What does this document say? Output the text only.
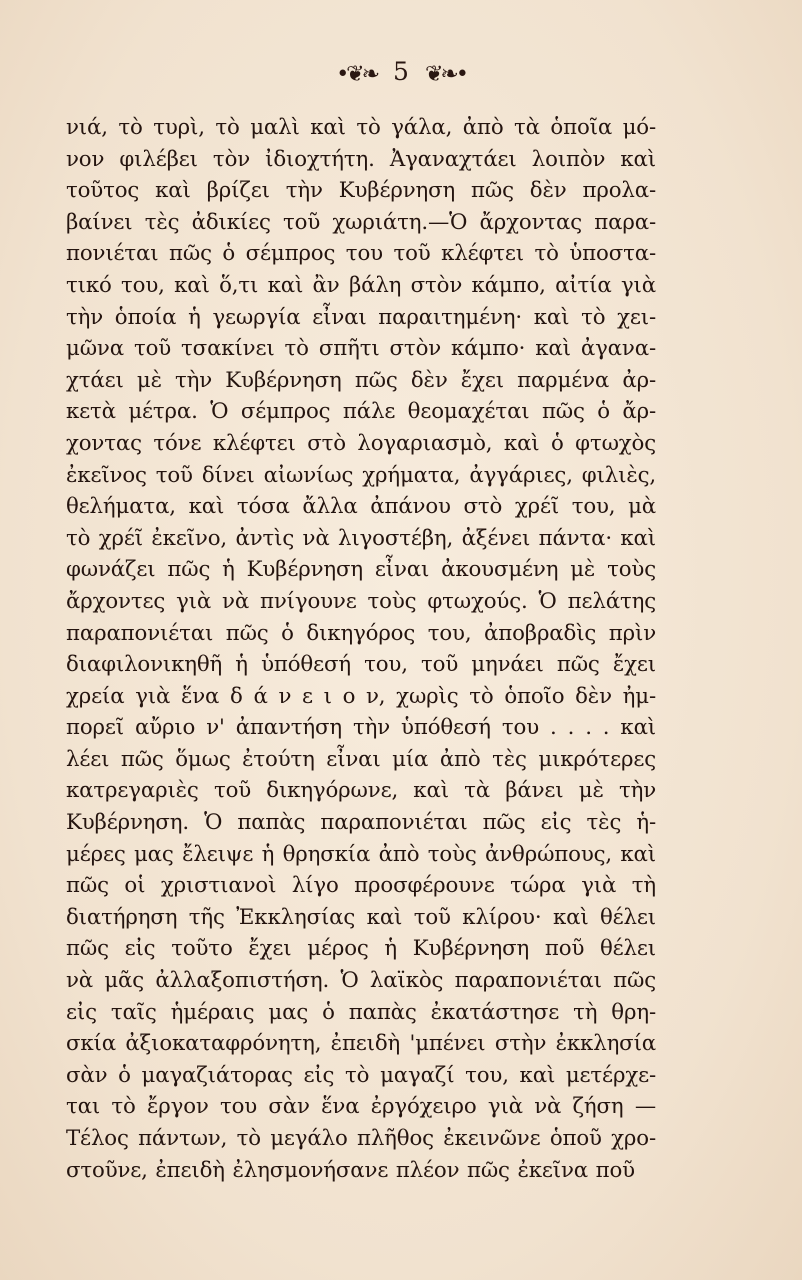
•❦❧ 5 ❦❧•
νιά, τὸ τυρὶ, τὸ μαλὶ καὶ τὸ γάλα, ἀπὸ τὰ ὁποῖα μό-
νον φιλέβει τὸν ἰδιοχτήτη. Ἀγαναχτάει λοιπὸν καὶ
τοῦτος καὶ βρίζει τὴν Κυβέρνηση πῶς δὲν προλα-
βαίνει τὲς ἀδικίες τοῦ χωριάτη.—Ὁ ἄρχοντας παρα-
πονιέται πῶς ὁ σέμπρος του τοῦ κλέφτει τὸ ὑποστα-
τικό του, καὶ ὅ,τι καὶ ἂν βάλη στὸν κάμπο, αἰτία γιὰ
τὴν ὁποία ἡ γεωργία εἶναι παραιτημένη· καὶ τὸ χει-
μῶνα τοῦ τσακίνει τὸ σπῆτι στὸν κάμπο· καὶ ἀγανα-
χτάει μὲ τὴν Κυβέρνηση πῶς δὲν ἔχει παρμένα ἀρ-
κετὰ μέτρα. Ὁ σέμπρος πάλε θεομαχέται πῶς ὁ ἄρ-
χοντας τόνε κλέφτει στὸ λογαριασμὸ, καὶ ὁ φτωχὸς
ἐκεῖνος τοῦ δίνει αἰωνίως χρήματα, ἀγγάριες, φιλιὲς,
θελήματα, καὶ τόσα ἄλλα ἀπάνου στὸ χρέῖ του, μὰ
τὸ χρέῖ ἐκεῖνο, ἀντὶς νὰ λιγοστέβη, ἀξένει πάντα· καὶ
φωνάζει πῶς ἡ Κυβέρνηση εἶναι ἀκουσμένη μὲ τοὺς
ἄρχοντες γιὰ νὰ πνίγουνε τοὺς φτωχούς. Ὁ πελάτης
παραπονιέται πῶς ὁ δικηγόρος του, ἀποβραδὶς πρὶν
διαφιλονικηθῆ ἡ ὑπόθεσή του, τοῦ μηνάει πῶς ἔχει
χρεία γιὰ ἕνα δ ά ν ε ι ο ν, χωρὶς τὸ ὁποῖο δὲν ἠμ-
πορεῖ αὔριο ν' ἀπαντήση τὴν ὑπόθεσή του . . . . καὶ
λέει πῶς ὅμως ἐτούτη εἶναι μία ἀπὸ τὲς μικρότερες
κατρεγαριὲς τοῦ δικηγόρωνε, καὶ τὰ βάνει μὲ τὴν
Κυβέρνηση. Ὁ παπὰς παραπονιέται πῶς εἰς τὲς ἡ-
μέρες μας ἔλειψε ἡ θρησκία ἀπὸ τοὺς ἀνθρώπους, καὶ
πῶς οἱ χριστιανοὶ λίγο προσφέρουνε τώρα γιὰ τὴ
διατήρηση τῆς Ἐκκλησίας καὶ τοῦ κλίρου· καὶ θέλει
πῶς εἰς τοῦτο ἔχει μέρος ἡ Κυβέρνηση ποῦ θέλει
νὰ μᾶς ἀλλαξοπιστήση. Ὁ λαϊκὸς παραπονιέται πῶς
εἰς ταῖς ἡμέραις μας ὁ παπὰς ἐκατάστησε τὴ θρη-
σκία ἀξιοκαταφρόνητη, ἐπειδὴ 'μπένει στὴν ἐκκλησία
σὰν ὁ μαγαζιάτορας εἰς τὸ μαγαζί του, καὶ μετέρχε-
ται τὸ ἔργον του σὰν ἕνα ἐργόχειρο γιὰ νὰ ζήση —
Τέλος πάντων, τὸ μεγάλο πλῆθος ἐκεινῶνε ὁποῦ χρο-
στοῦνε, ἐπειδὴ ἐλησμονήσανε πλέον πῶς ἐκεῖνα ποῦ
